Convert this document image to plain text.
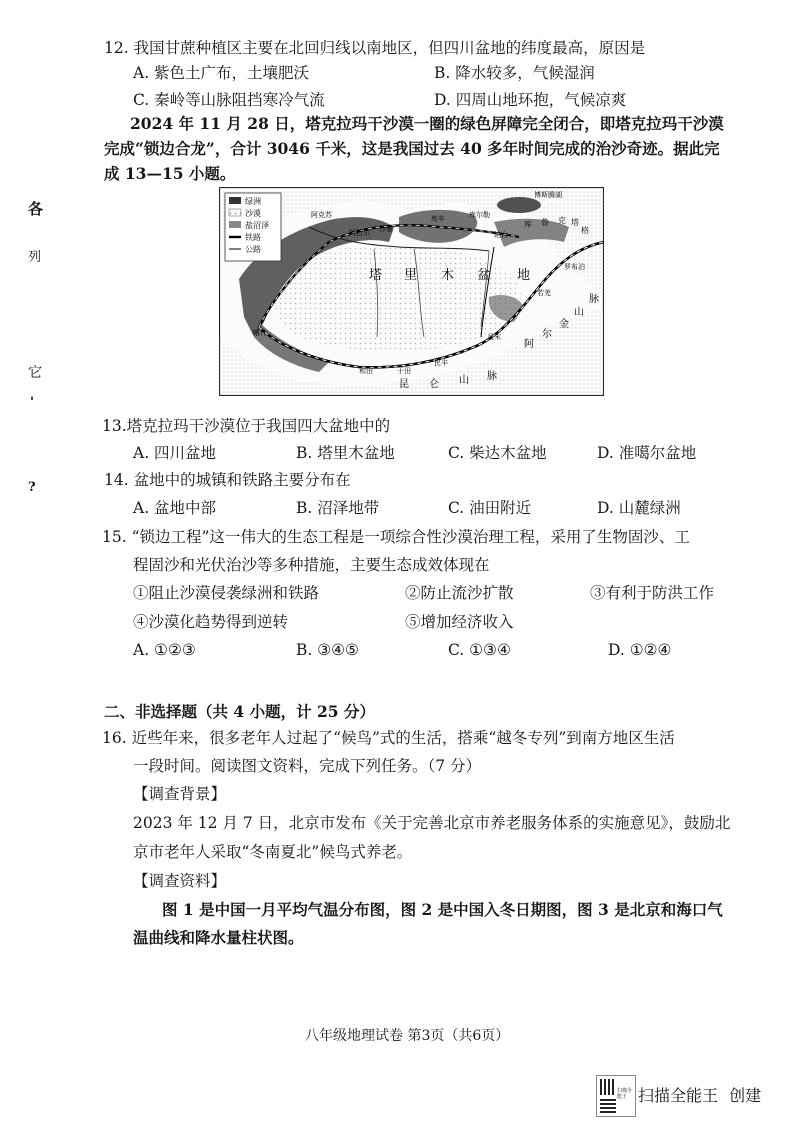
各
列
它
'
?
12. 我国甘蔗种植区主要在北回归线以南地区，但四川盆地的纬度最高，原因是
A. 紫色土广布，土壤肥沃	B. 降水较多，气候湿润
C. 秦岭等山脉阻挡寒冷气流	D. 四周山地环抱，气候凉爽
2024 年 11 月 28 日，塔克拉玛干沙漠一圈的绿色屏障完全闭合，即塔克拉玛干沙漠
完成“锁边合龙”，合计 3046 千米，这是我国过去 40 多年时间完成的治沙奇迹。据此完
成 13—15 小题。
绿洲
沙漠
盐沼泽
铁路
公路
塔 里 木 盆 地
昆 仑 山 脉
阿
尔
金
山
脉
库 鲁 克 塔
格
阿克苏	库车	库尔勒
喀什
和田	于田
民丰
且末
若羌
罗布泊
博斯腾湖
沙雅
轮台
阿拉尔
13.塔克拉玛干沙漠位于我国四大盆地中的
A. 四川盆地	B. 塔里木盆地	C. 柴达木盆地	D. 准噶尔盆地
14. 盆地中的城镇和铁路主要分布在
A. 盆地中部	B. 沼泽地带	C. 油田附近	D. 山麓绿洲
15. “锁边工程”这一伟大的生态工程是一项综合性沙漠治理工程，采用了生物固沙、工
程固沙和光伏治沙等多种措施，主要生态成效体现在
①阻止沙漠侵袭绿洲和铁路	②防止流沙扩散	③有利于防洪工作
④沙漠化趋势得到逆转	⑤增加经济收入
A. ①②③	B. ③④⑤	C. ①③④	D. ①②④
二、非选择题（共 4 小题，计 25 分）
16. 近些年来，很多老年人过起了“候鸟”式的生活，搭乘“越冬专列”到南方地区生活
一段时间。阅读图文资料，完成下列任务。（7 分）
【调查背景】
2023 年 12 月 7 日，北京市发布《关于完善北京市养老服务体系的实施意见》，鼓励北
京市老年人采取“冬南夏北”候鸟式养老。
【调查资料】
图 1 是中国一月平均气温分布图，图 2 是中国入冬日期图，图 3 是北京和海口气
温曲线和降水量柱状图。
八年级地理试卷 第3页（共6页）
扫描全能王 扫描全能王 创建
